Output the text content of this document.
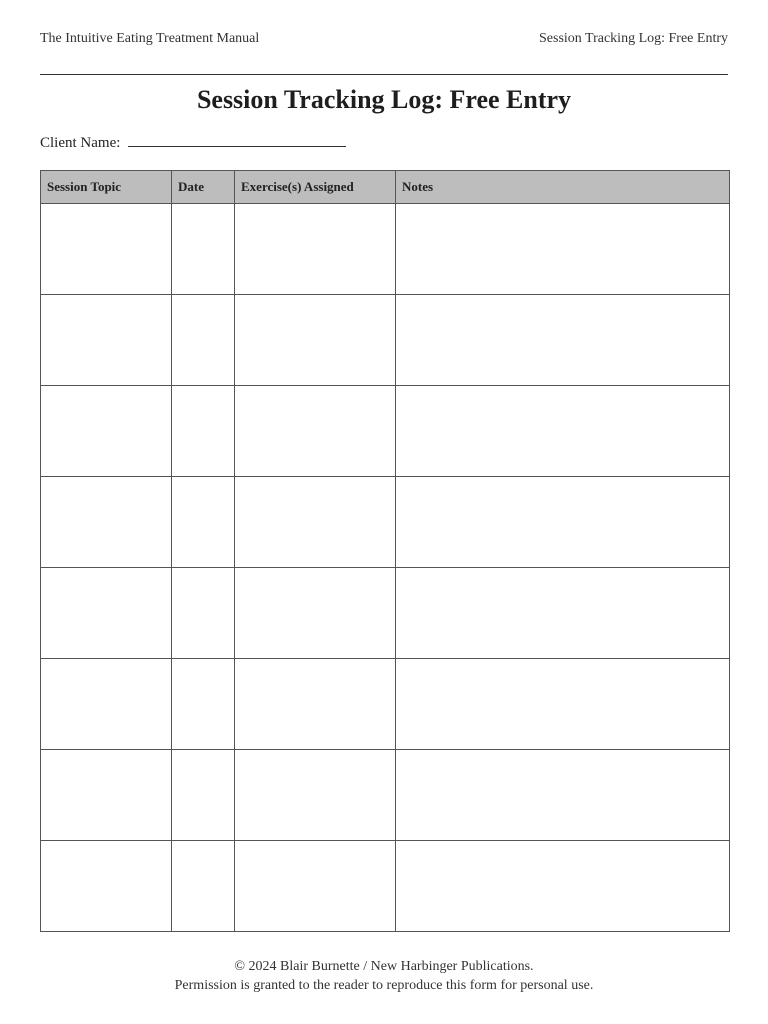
The Intuitive Eating Treatment Manual	Session Tracking Log: Free Entry
Session Tracking Log: Free Entry
Client Name:
Session Topic	Date	Exercise(s) Assigned	Notes

© 2024 Blair Burnette / New Harbinger Publications.
Permission is granted to the reader to reproduce this form for personal use.
